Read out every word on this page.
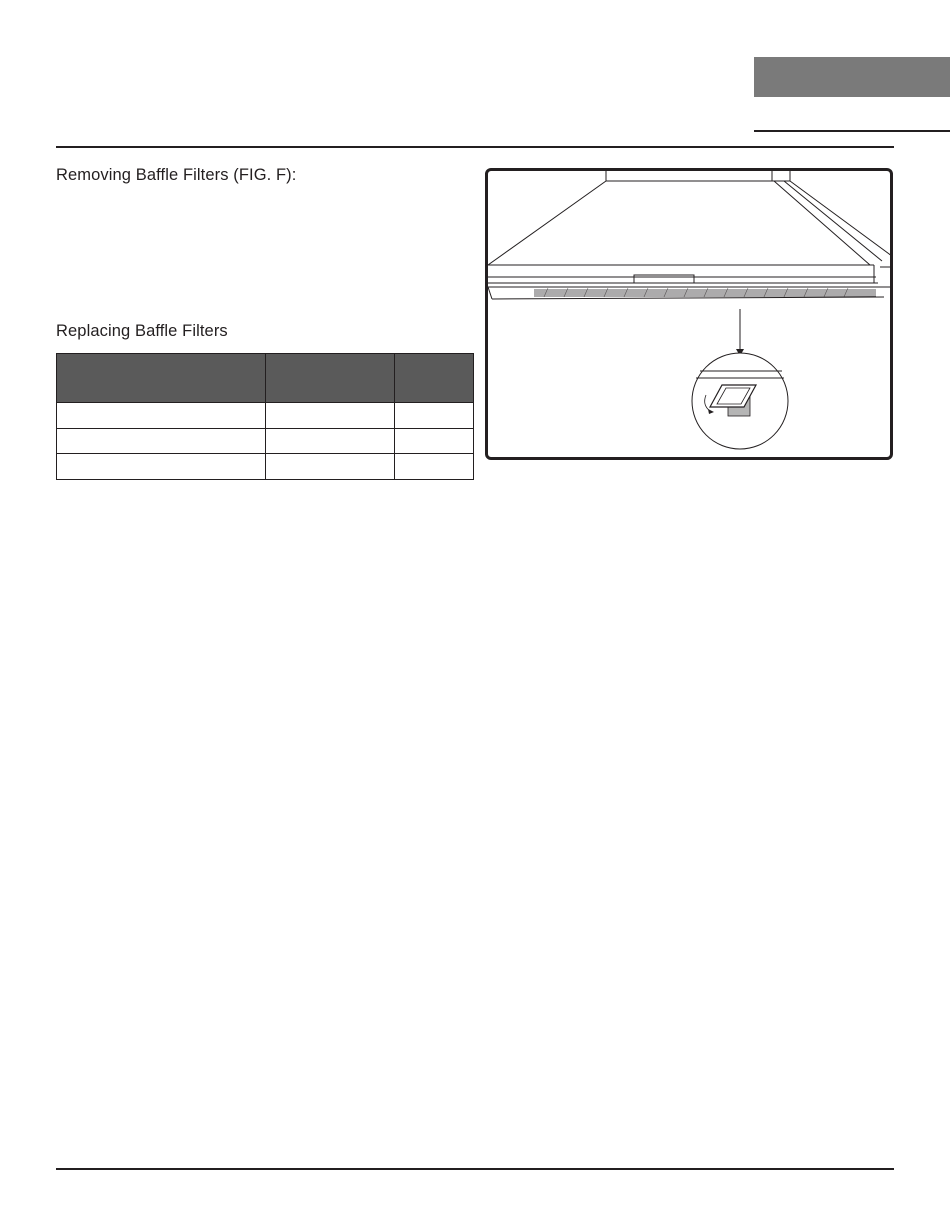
Removing Baffle Filters (FIG. F):
Replacing Baffle Filters
